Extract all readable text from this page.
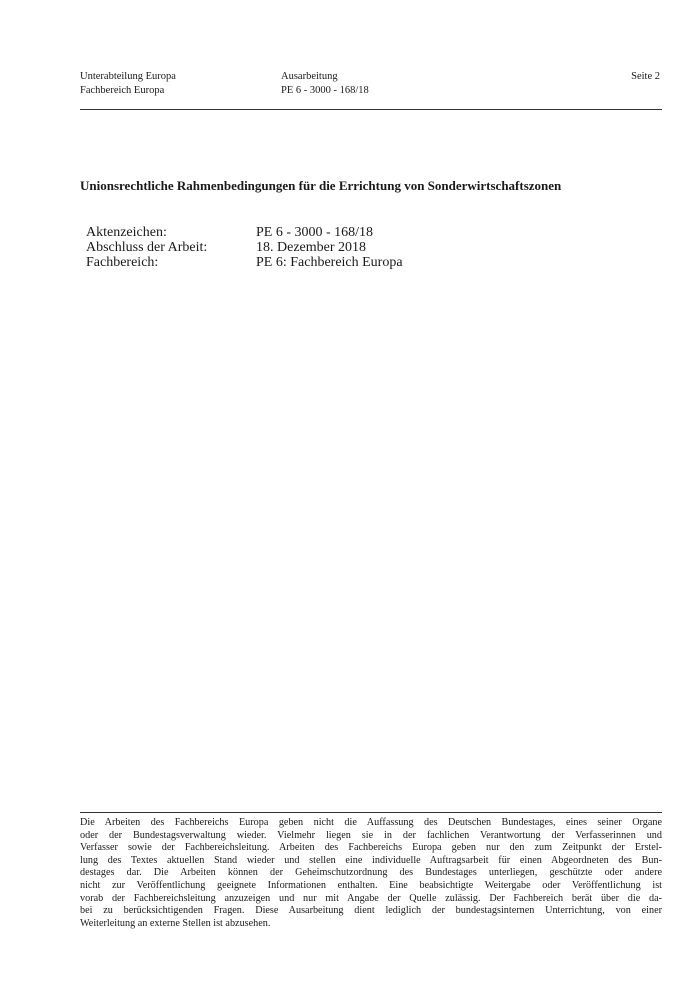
Unterabteilung Europa
Fachbereich Europa
Ausarbeitung
PE 6 - 3000 - 168/18
Seite 2
Unionsrechtliche Rahmenbedingungen für die Errichtung von Sonderwirtschaftszonen
Aktenzeichen:	PE 6 - 3000 - 168/18
Abschluss der Arbeit:	18. Dezember 2018
Fachbereich:	PE 6: Fachbereich Europa
Die Arbeiten des Fachbereichs Europa geben nicht die Auffassung des Deutschen Bundestages, eines seiner Organe
oder der Bundestagsverwaltung wieder. Vielmehr liegen sie in der fachlichen Verantwortung der Verfasserinnen und
Verfasser sowie der Fachbereichsleitung. Arbeiten des Fachbereichs Europa geben nur den zum Zeitpunkt der Erstel-
lung des Textes aktuellen Stand wieder und stellen eine individuelle Auftragsarbeit für einen Abgeordneten des Bun-
destages dar. Die Arbeiten können der Geheimschutzordnung des Bundestages unterliegen, geschützte oder andere
nicht zur Veröffentlichung geeignete Informationen enthalten. Eine beabsichtigte Weitergabe oder Veröffentlichung ist
vorab der Fachbereichsleitung anzuzeigen und nur mit Angabe der Quelle zulässig. Der Fachbereich berät über die da-
bei zu berücksichtigenden Fragen. Diese Ausarbeitung dient lediglich der bundestagsinternen Unterrichtung, von einer
Weiterleitung an externe Stellen ist abzusehen.
